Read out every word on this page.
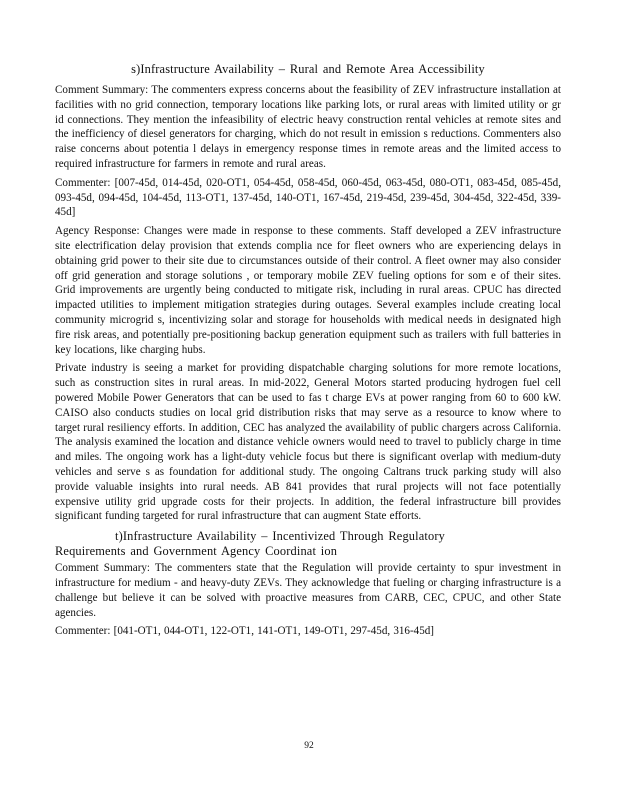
s)Infrastructure Availability – Rural and Remote Area Accessibility

Comment Summary: The commenters express concerns about the feasibility of ZEV infrastructure installation at facilities with no grid connection, temporary locations like parking lots, or rural areas with limited utility or gr id connections. They mention the infeasibility of electric heavy construction rental vehicles at remote sites and the inefficiency of diesel generators for charging, which do not result in emission s reductions. Commenters also raise concerns about potentia l delays in emergency response times in remote areas and the limited access to required infrastructure for farmers in remote and rural areas.

Commenter: [007-45d, 014-45d, 020-OT1, 054-45d, 058-45d, 060-45d, 063-45d, 080-OT1, 083-45d, 085-45d, 093-45d, 094-45d, 104-45d, 113-OT1, 137-45d, 140-OT1, 167-45d, 219-45d, 239-45d, 304-45d, 322-45d, 339-45d]

Agency Response: Changes were made in response to these comments. Staff developed a ZEV infrastructure site electrification delay provision that extends complia nce for fleet owners who are experiencing delays in obtaining grid power to their site due to circumstances outside of their control. A fleet owner may also consider off grid generation and storage solutions , or temporary mobile ZEV fueling options for som e of their sites. Grid improvements are urgently being conducted to mitigate risk, including in rural areas. CPUC has directed impacted utilities to implement mitigation strategies during outages. Several examples include creating local community microgrid s, incentivizing solar and storage for households with medical needs in designated high fire risk areas, and potentially pre-positioning backup generation equipment such as trailers with full batteries in key locations, like charging hubs.

Private industry is seeing a market for providing dispatchable charging solutions for more remote locations, such as construction sites in rural areas. In mid-2022, General Motors started producing hydrogen fuel cell powered Mobile Power Generators that can be used to fas t charge EVs at power ranging from 60 to 600 kW. CAISO also conducts studies on local grid distribution risks that may serve as a resource to know where to target rural resiliency efforts. In addition, CEC has analyzed the availability of public chargers across California. The analysis examined the location and distance vehicle owners would need to travel to publicly charge in time and miles. The ongoing work has a light-duty vehicle focus but there is significant overlap with medium-duty vehicles and serve s as foundation for additional study. The ongoing Caltrans truck parking study will also provide valuable insights into rural needs. AB 841 provides that rural projects will not face potentially expensive utility grid upgrade costs for their projects. In addition, the federal infrastructure bill provides significant funding targeted for rural infrastructure that can augment State efforts.

t)Infrastructure Availability – Incentivized Through Regulatory
Requirements and Government Agency Coordinat ion

Comment Summary: The commenters state that the Regulation will provide certainty to spur investment in infrastructure for medium - and heavy-duty ZEVs. They acknowledge that fueling or charging infrastructure is a challenge but believe it can be solved with proactive measures from CARB, CEC, CPUC, and other State agencies.

Commenter: [041-OT1, 044-OT1, 122-OT1, 141-OT1, 149-OT1, 297-45d, 316-45d]

92
